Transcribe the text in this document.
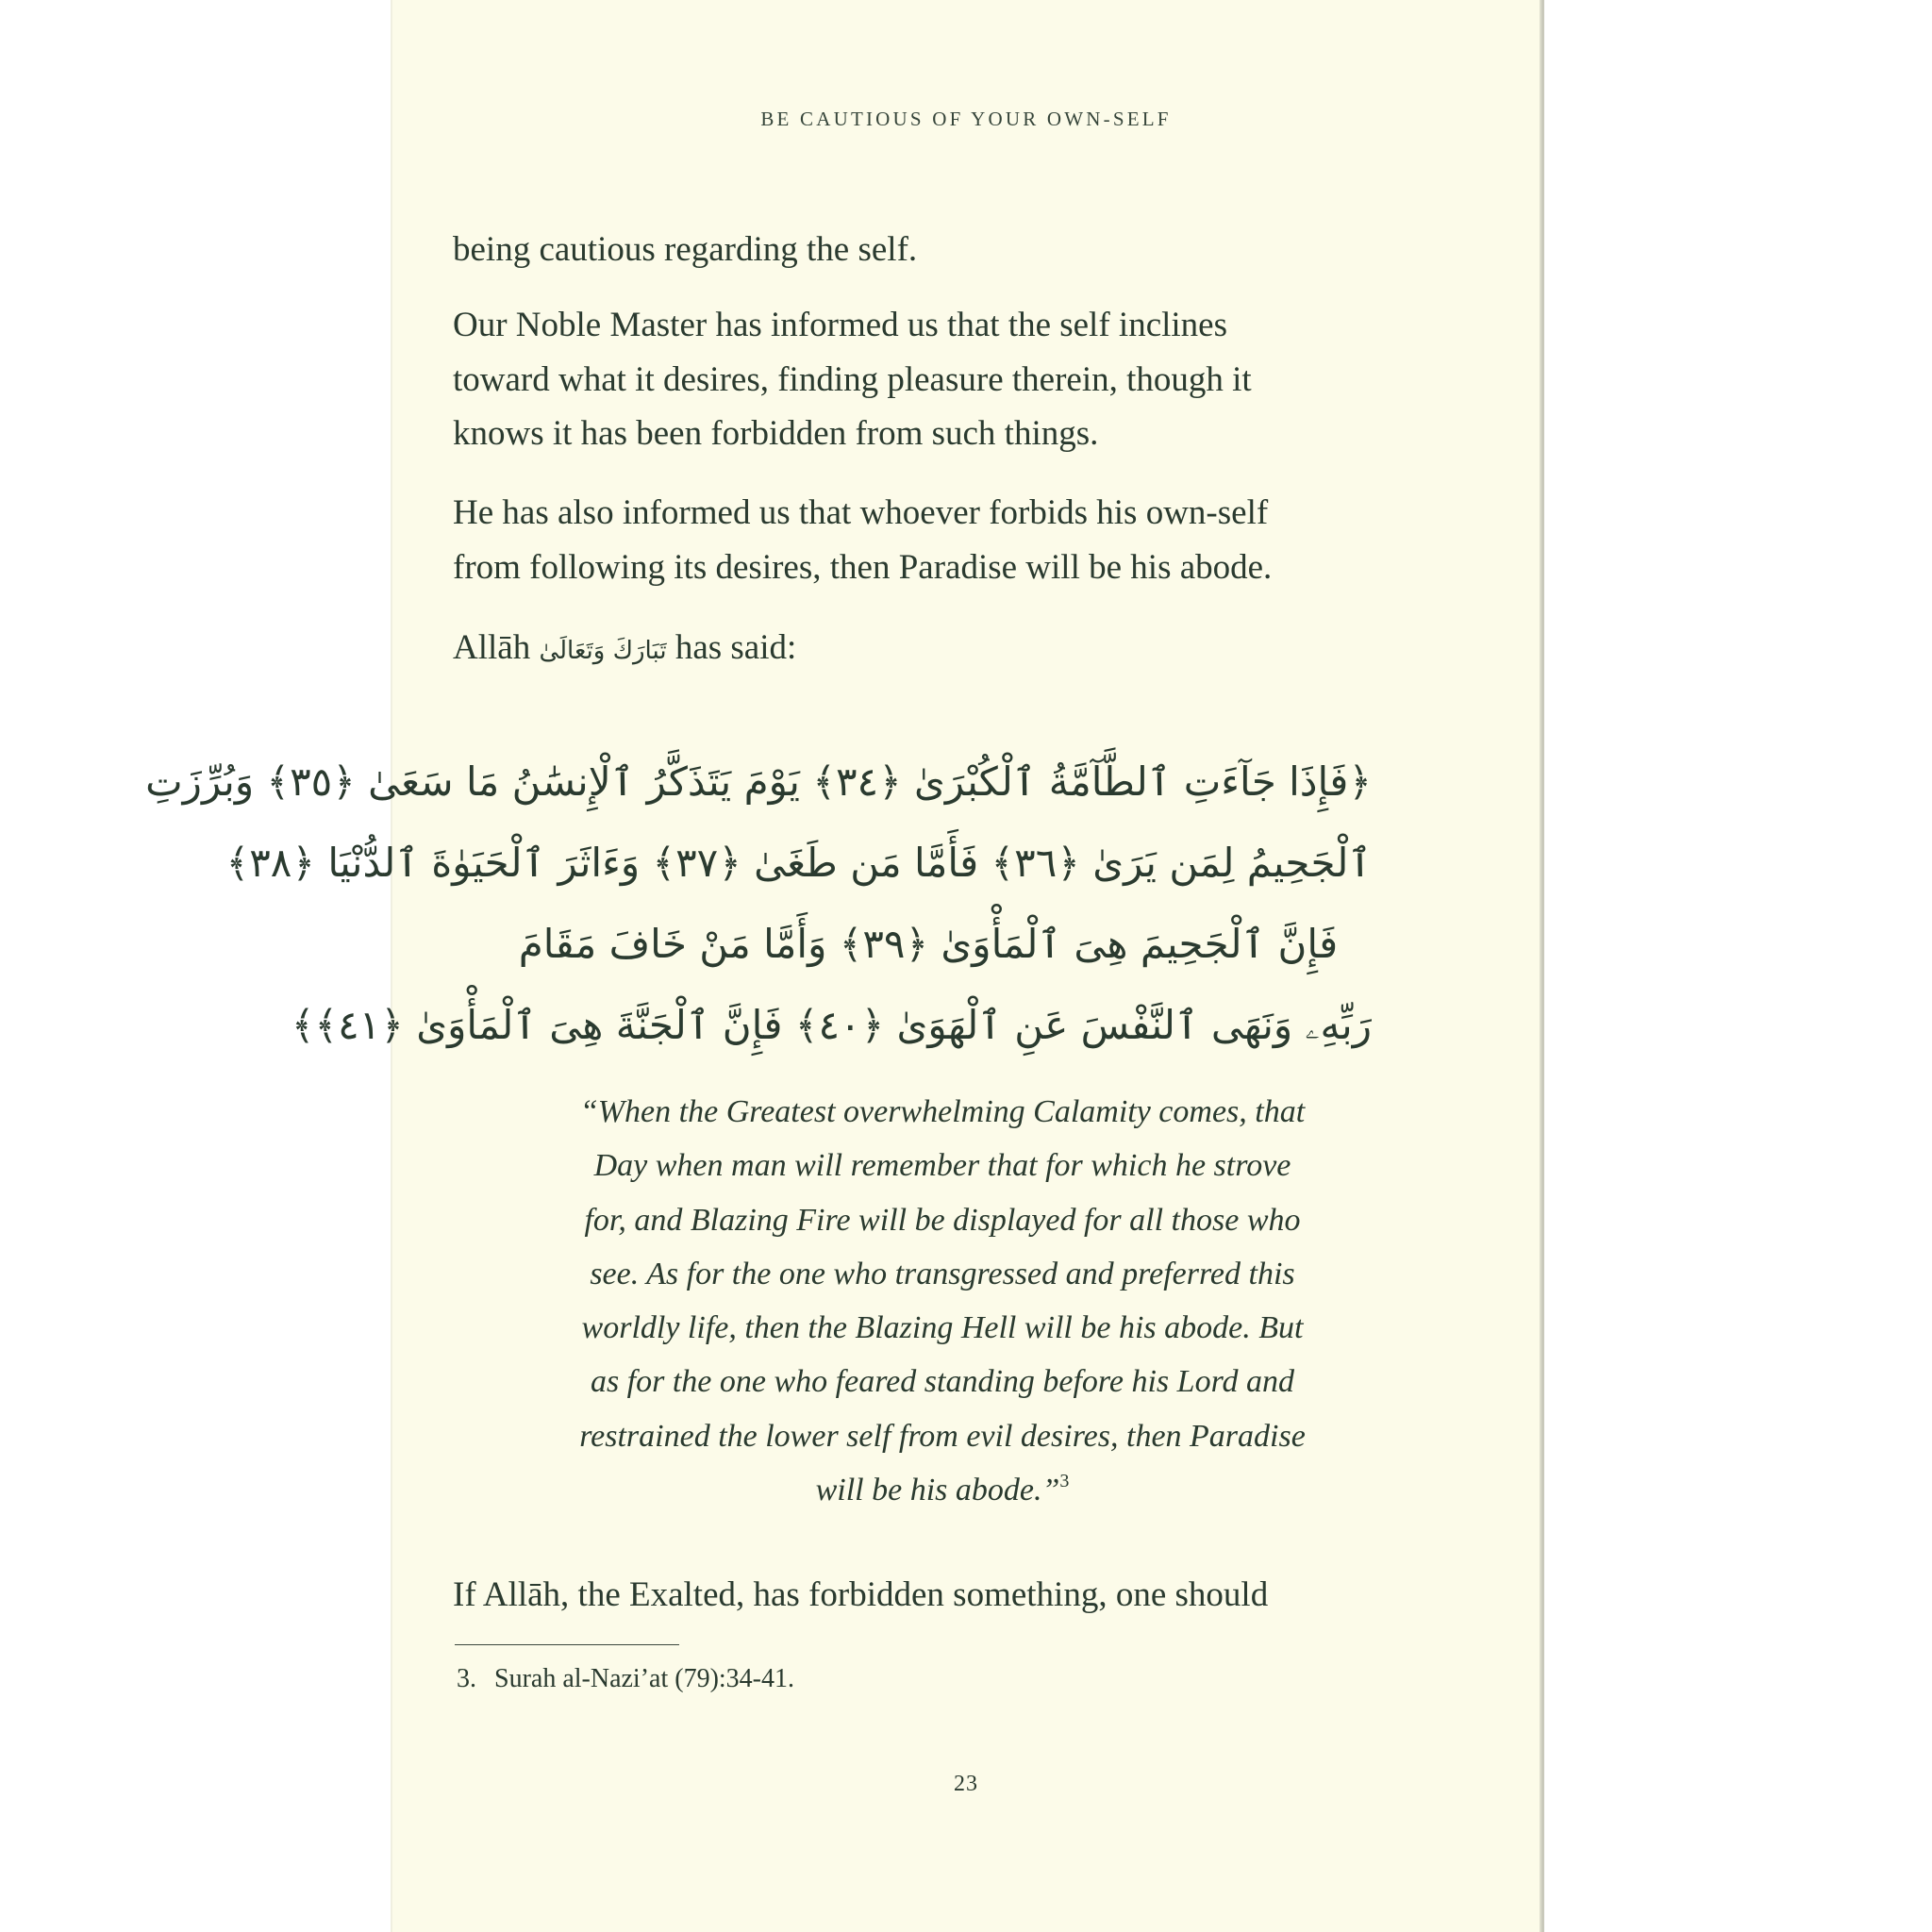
BE CAUTIOUS OF YOUR OWN-SELF

being cautious regarding the self.

Our Noble Master has informed us that the self inclines
toward what it desires, finding pleasure therein, though it
knows it has been forbidden from such things.

He has also informed us that whoever forbids his own-self
from following its desires, then Paradise will be his abode.

Allāh تَبَارَكَ وَتَعَالَىٰ has said:

﴿فَإِذَا جَآءَتِ ٱلطَّآمَّةُ ٱلْكُبْرَىٰ ﴿٣٤﴾ يَوْمَ يَتَذَكَّرُ ٱلْإِنسَٰنُ مَا سَعَىٰ ﴿٣٥﴾ وَبُرِّزَتِ
ٱلْجَحِيمُ لِمَن يَرَىٰ ﴿٣٦﴾ فَأَمَّا مَن طَغَىٰ ﴿٣٧﴾ وَءَاثَرَ ٱلْحَيَوٰةَ ٱلدُّنْيَا ﴿٣٨﴾
فَإِنَّ ٱلْجَحِيمَ هِىَ ٱلْمَأْوَىٰ ﴿٣٩﴾ وَأَمَّا مَنْ خَافَ مَقَامَ
رَبِّهِۦ وَنَهَى ٱلنَّفْسَ عَنِ ٱلْهَوَىٰ ﴿٤٠﴾ فَإِنَّ ٱلْجَنَّةَ هِىَ ٱلْمَأْوَىٰ ﴿٤١﴾﴾

“When the Greatest overwhelming Calamity comes, that
Day when man will remember that for which he strove
for, and Blazing Fire will be displayed for all those who
see. As for the one who transgressed and preferred this
worldly life, then the Blazing Hell will be his abode. But
as for the one who feared standing before his Lord and
restrained the lower self from evil desires, then Paradise
will be his abode.”$^3$

If Allāh, the Exalted, has forbidden something, one should

3. Surah al-Nazi’at (79):34-41.
23
